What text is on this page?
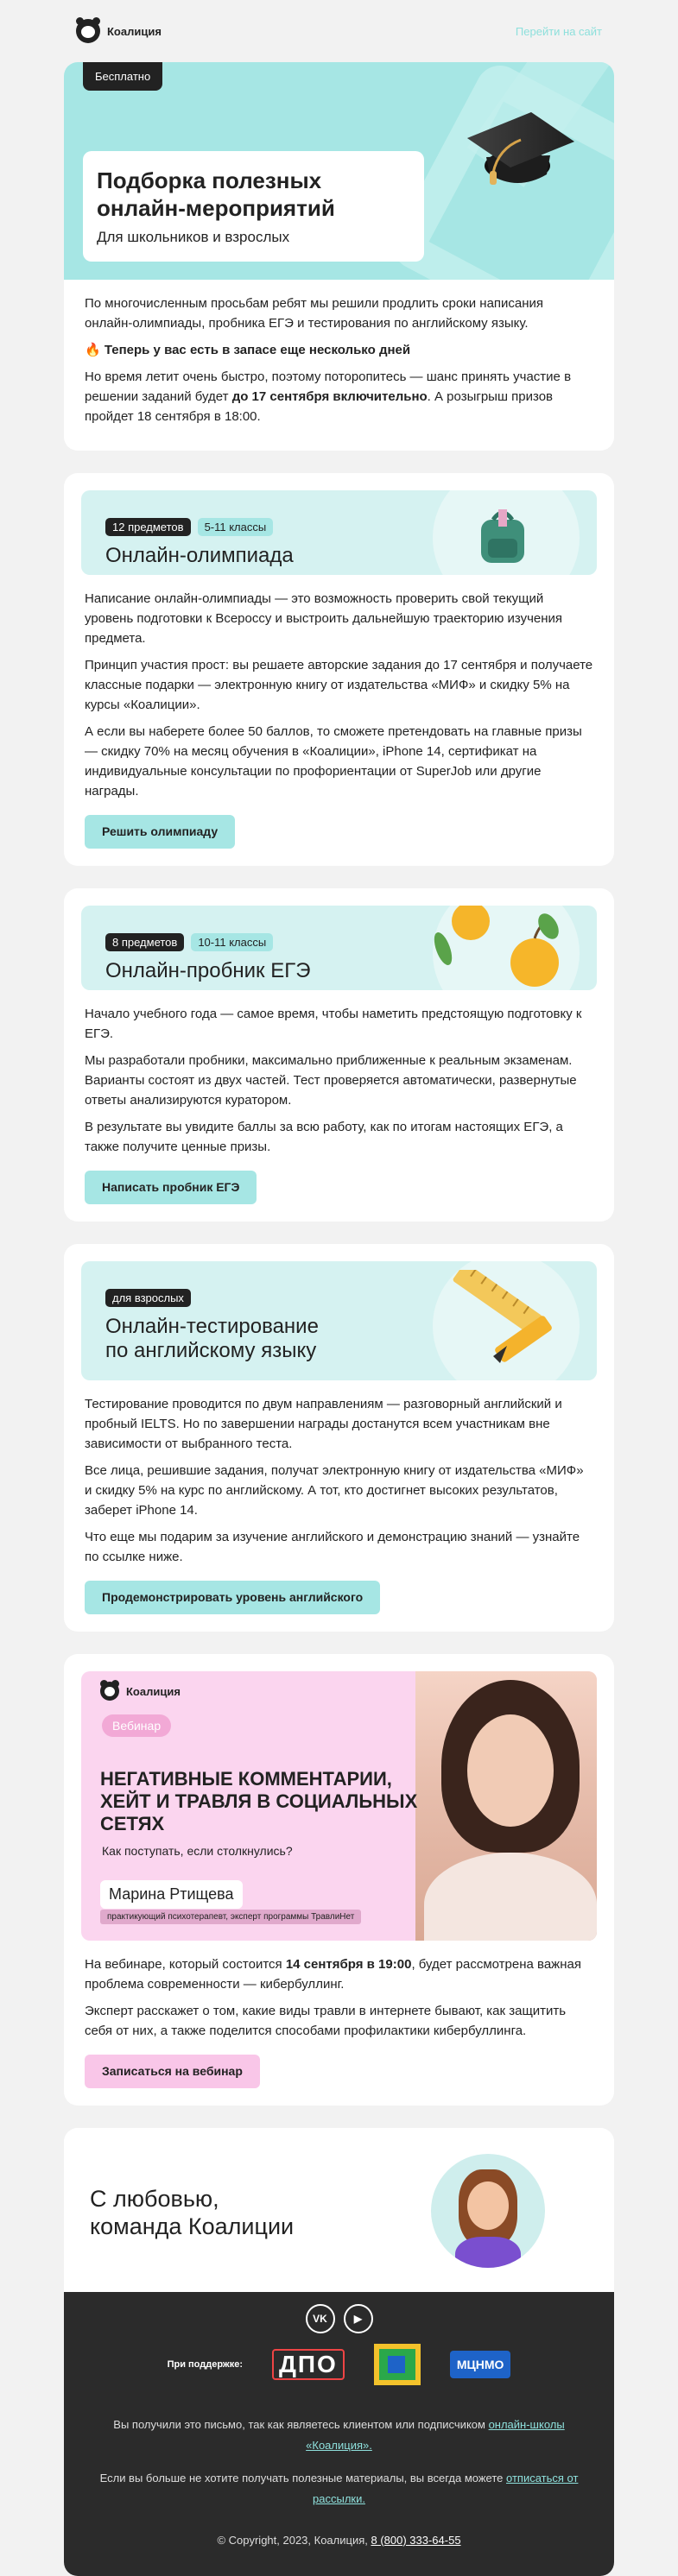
Коалиция	Перейти на сайт
Бесплатно
Подборка полезных онлайн-мероприятий
Для школьников и взрослых

По многочисленным просьбам ребят мы решили продлить сроки написания онлайн-олимпиады, пробника ЕГЭ и тестирования по английскому языку.

🔥 Теперь у вас есть в запасе еще несколько дней

Но время летит очень быстро, поэтому поторопитесь — шанс принять участие в решении заданий будет до 17 сентября включительно. А розыгрыш призов пройдет 18 сентября в 18:00.

12 предметов	5-11 классы
Онлайн-олимпиада

Написание онлайн-олимпиады — это возможность проверить свой текущий уровень подготовки к Всеросcу и выстроить дальнейшую траекторию изучения предмета.

Принцип участия прост: вы решаете авторские задания до 17 сентября и получаете классные подарки — электронную книгу от издательства «МИФ» и скидку 5% на курсы «Коалиции».

А если вы наберете более 50 баллов, то сможете претендовать на главные призы — скидку 70% на месяц обучения в «Коалиции», iPhone 14, сертификат на индивидуальные консультации по профориентации от SuperJob или другие награды.

Решить олимпиаду
8 предметов	10-11 классы
Онлайн-пробник ЕГЭ

Начало учебного года — самое время, чтобы наметить предстоящую подготовку к ЕГЭ.

Мы разработали пробники, максимально приближенные к реальным экзаменам. Варианты состоят из двух частей. Тест проверяется автоматически, развернутые ответы анализируются куратором.

В результате вы увидите баллы за всю работу, как по итогам настоящих ЕГЭ, а также получите ценные призы.

Написать пробник ЕГЭ
для взрослых
Онлайн-тестирование
по английскому языку

Тестирование проводится по двум направлениям — разговорный английский и пробный IELTS. Но по завершении награды достанутся всем участникам вне зависимости от выбранного теста.

Все лица, решившие задания, получат электронную книгу от издательства «МИФ» и скидку 5% на курс по английскому. А тот, кто достигнет высоких результатов, заберет iPhone 14.

Что еще мы подарим за изучение английского и демонстрацию знаний — узнайте по ссылке ниже.

Продемонстрировать уровень английского
Коалиция
Вебинар
НЕГАТИВНЫЕ КОММЕНТАРИИ, ХЕЙТ И ТРАВЛЯ В СОЦИАЛЬНЫХ СЕТЯХ
Как поступать, если столкнулись?
Марина Ртищева
практикующий психотерапевт, эксперт программы ТравлиНет

На вебинаре, который состоится 14 сентября в 19:00, будет рассмотрена важная проблема современности — кибербуллинг.

Эксперт расскажет о том, какие виды травли в интернете бывают, как защитить себя от них, а также поделится способами профилактики кибербуллинга.

Записаться на вебинар
С любовью,
команда Коалиции
VK	▶
При поддержке: ДПО	МЦНМО
Вы получили это письмо, так как являетесь клиентом или подписчиком онлайн-школы «Коалиция».
Если вы больше не хотите получать полезные материалы, вы всегда можете отписаться от рассылки.
© Copyright, 2023, Коалиция, 8 (800) 333-64-55
